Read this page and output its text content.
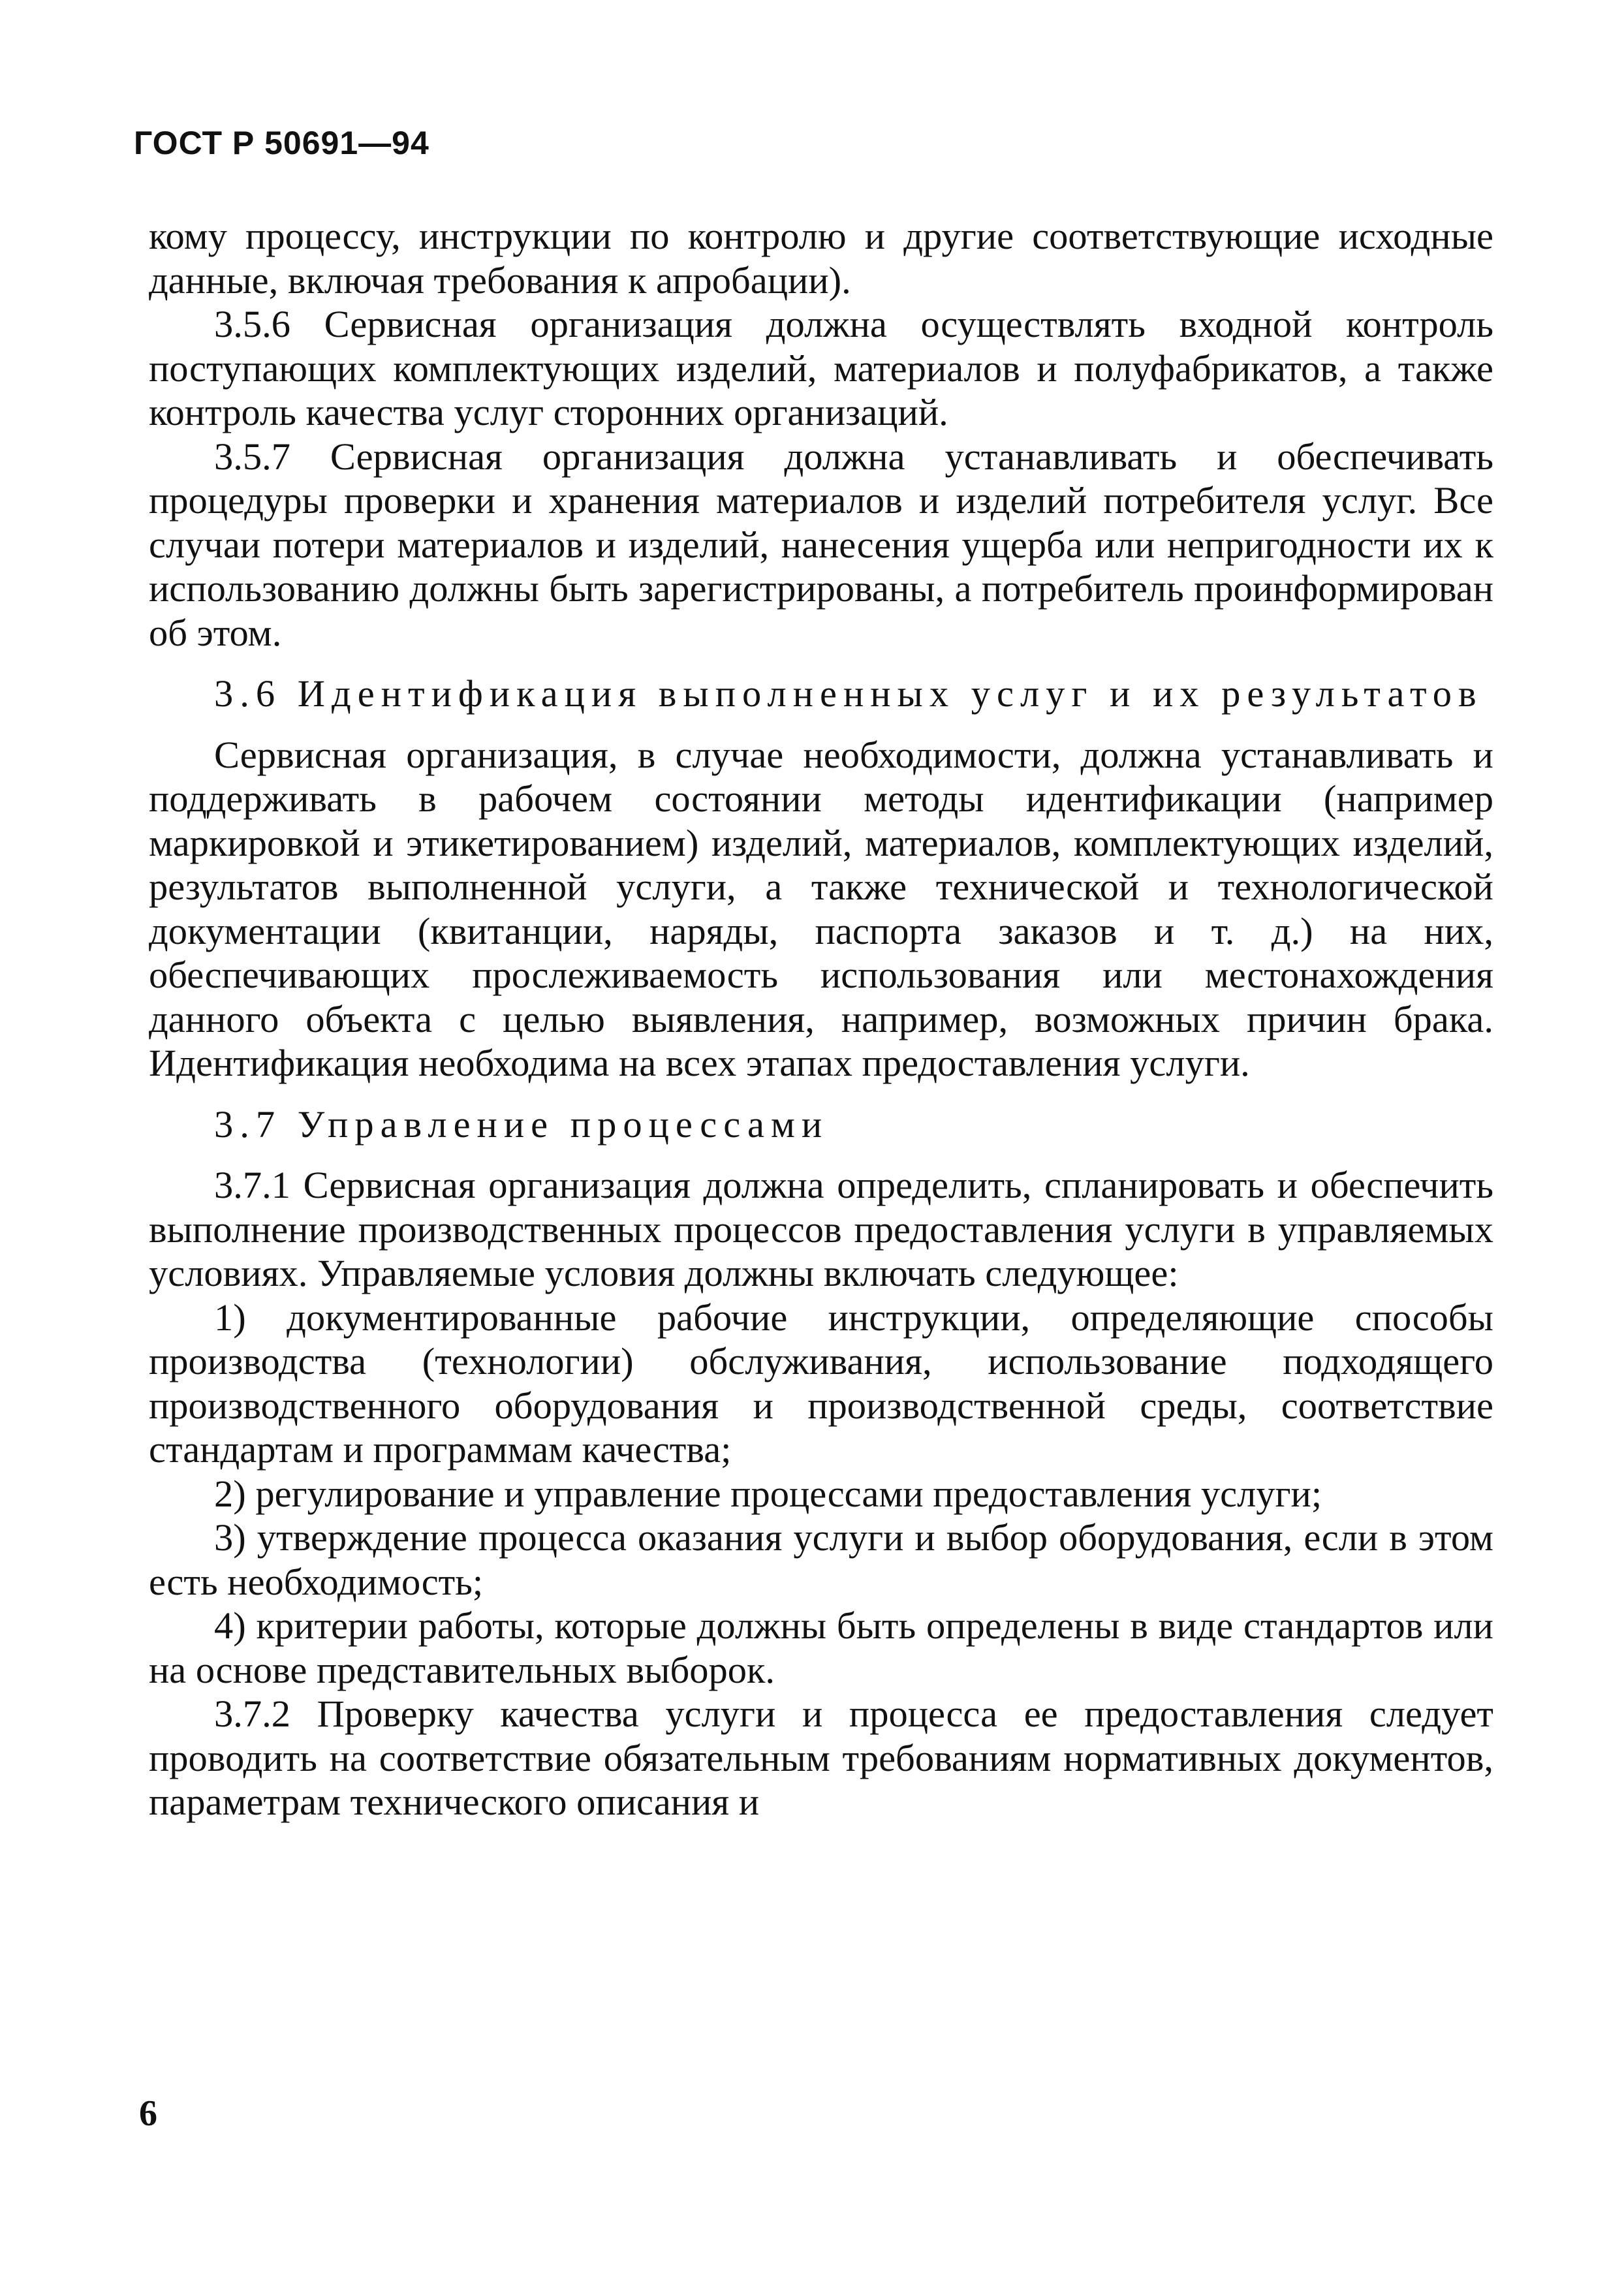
ГОСТ Р 50691—94

кому процессу, инструкции по контролю и другие соответствующие исходные данные, включая требования к апробации).

3.5.6 Сервисная организация должна осуществлять входной контроль поступающих комплектующих изделий, материалов и полуфабрикатов, а также контроль качества услуг сторонних организаций.

3.5.7 Сервисная организация должна устанавливать и обеспечивать процедуры проверки и хранения материалов и изделий потребителя услуг. Все случаи потери материалов и изделий, нанесения ущерба или непригодности их к использованию должны быть зарегистрированы, а потребитель проинформирован об этом.

3.6 Идентификация выполненных услуг и их результатов

Сервисная организация, в случае необходимости, должна устанавливать и поддерживать в рабочем состоянии методы идентификации (например маркировкой и этикетированием) изделий, материалов, комплектующих изделий, результатов выполненной услуги, а также технической и технологической документации (квитанции, наряды, паспорта заказов и т. д.) на них, обеспечивающих прослеживаемость использования или местонахождения данного объекта с целью выявления, например, возможных причин брака. Идентификация необходима на всех этапах предоставления услуги.

3.7 Управление процессами

3.7.1 Сервисная организация должна определить, спланировать и обеспечить выполнение производственных процессов предоставления услуги в управляемых условиях. Управляемые условия должны включать следующее:

1) документированные рабочие инструкции, определяющие способы производства (технологии) обслуживания, использование подходящего производственного оборудования и производственной среды, соответствие стандартам и программам качества;

2) регулирование и управление процессами предоставления услуги;

3) утверждение процесса оказания услуги и выбор оборудования, если в этом есть необходимость;

4) критерии работы, которые должны быть определены в виде стандартов или на основе представительных выборок.

3.7.2 Проверку качества услуги и процесса ее предоставления следует проводить на соответствие обязательным требованиям нормативных документов, параметрам технического описания и

6
